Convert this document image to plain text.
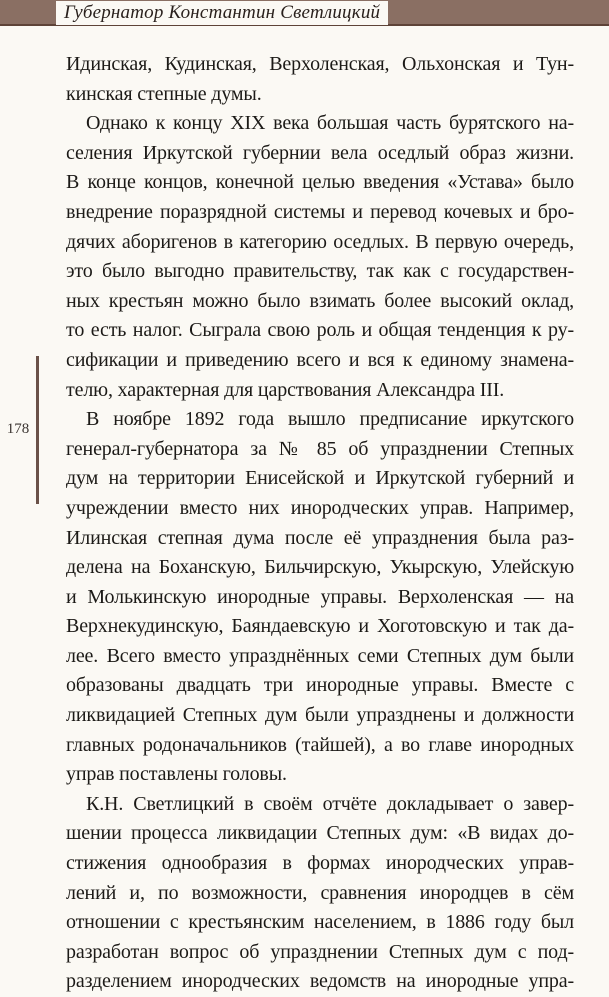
Губернатор Константин Светлицкий
178
Идинская, Кудинская, Верхоленская, Ольхонская и Тун-
кинская степные думы.
Однако к концу XIX века большая часть бурятского на-
селения Иркутской губернии вела оседлый образ жизни.
В конце концов, конечной целью введения «Устава» было
внедрение поразрядной системы и перевод кочевых и бро-
дячих аборигенов в категорию оседлых. В первую очередь,
это было выгодно правительству, так как с государствен-
ных крестьян можно было взимать более высокий оклад,
то есть налог. Сыграла свою роль и общая тенденция к ру-
сификации и приведению всего и вся к единому знамена-
телю, характерная для царствования Александра III.
В ноябре 1892 года вышло предписание иркутского
генерал-губернатора за № 85 об упразднении Степных
дум на территории Енисейской и Иркутской губерний и
учреждении вместо них инородческих управ. Например,
Илинская степная дума после её упразднения была раз-
делена на Боханскую, Бильчирскую, Укырскую, Улейскую
и Молькинскую инородные управы. Верхоленская — на
Верхнекудинскую, Баяндаевскую и Хоготовскую и так да-
лее. Всего вместо упразднённых семи Степных дум были
образованы двадцать три инородные управы. Вместе с
ликвидацией Степных дум были упразднены и должности
главных родоначальников (тайшей), а во главе инородных
управ поставлены головы.
К.Н. Светлицкий в своём отчёте докладывает о завер-
шении процесса ликвидации Степных дум: «В видах до-
стижения однообразия в формах инородческих управ-
лений и, по возможности, сравнения инородцев в сём
отношении с крестьянским населением, в 1886 году был
разработан вопрос об упразднении Степных дум с под-
разделением инородческих ведомств на инородные упра-
